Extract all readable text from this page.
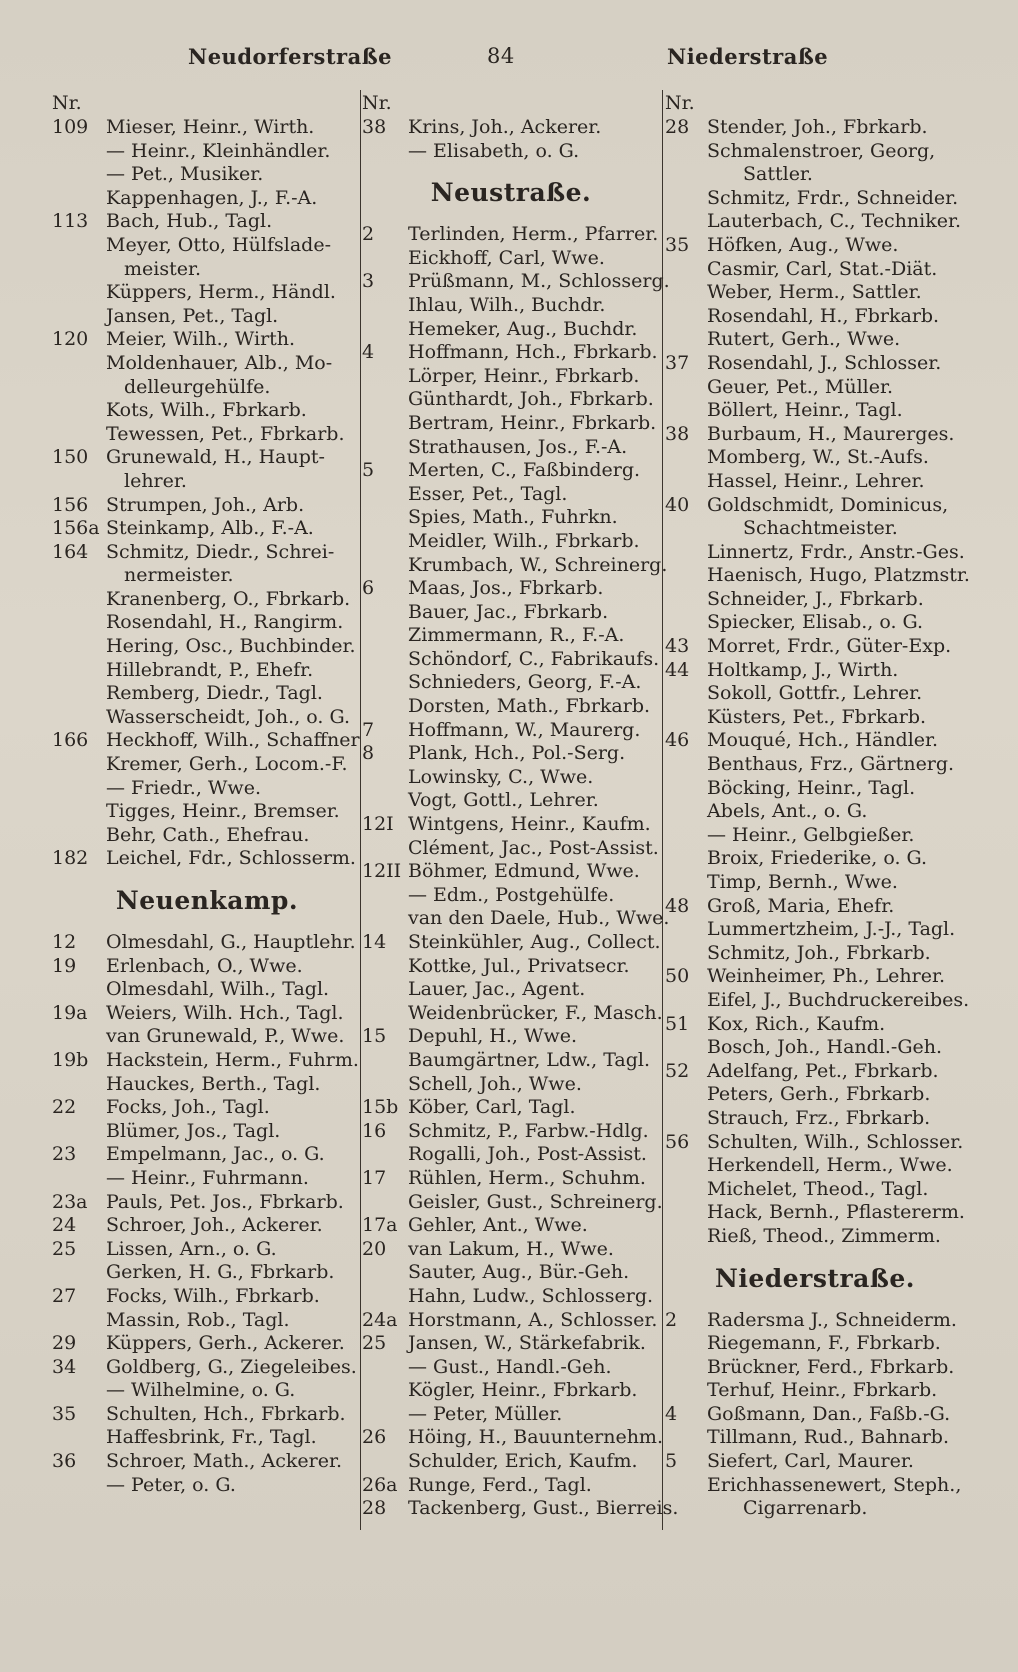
Neudorferstraße	84	Niederstraße
Nr.
109 Mieser, Heinr., Wirth.
— Heinr., Kleinhändler.
— Pet., Musiker.
Kappenhagen, J., F.-A.
113 Bach, Hub., Tagl.
Meyer, Otto, Hülfslade-
meister.
Küppers, Herm., Händl.
Jansen, Pet., Tagl.
120 Meier, Wilh., Wirth.
Moldenhauer, Alb., Mo-
delleurgehülfe.
Kots, Wilh., Fbrkarb.
Tewessen, Pet., Fbrkarb.
150 Grunewald, H., Haupt-
lehrer.
156 Strumpen, Joh., Arb.
156a Steinkamp, Alb., F.-A.
164 Schmitz, Diedr., Schrei-
nermeister.
Kranenberg, O., Fbrkarb.
Rosendahl, H., Rangirm.
Hering, Osc., Buchbinder.
Hillebrandt, P., Ehefr.
Remberg, Diedr., Tagl.
Wasserscheidt, Joh., o. G.
166 Heckhoff, Wilh., Schaffner
Kremer, Gerh., Locom.-F.
— Friedr., Wwe.
Tigges, Heinr., Bremser.
Behr, Cath., Ehefrau.
182 Leichel, Fdr., Schlosserm.
Neuenkamp.
12	Olmesdahl, G., Hauptlehr.
19	Erlenbach, O., Wwe.
Olmesdahl, Wilh., Tagl.
19a Weiers, Wilh. Hch., Tagl.
van Grunewald, P., Wwe.
19b Hackstein, Herm., Fuhrm.
Hauckes, Berth., Tagl.
22	Focks, Joh., Tagl.
Blümer, Jos., Tagl.
23	Empelmann, Jac., o. G.
— Heinr., Fuhrmann.
23a Pauls, Pet. Jos., Fbrkarb.
24	Schroer, Joh., Ackerer.
25	Lissen, Arn., o. G.
Gerken, H. G., Fbrkarb.
27	Focks, Wilh., Fbrkarb.
Massin, Rob., Tagl.
29	Küppers, Gerh., Ackerer.
34	Goldberg, G., Ziegeleibes.
— Wilhelmine, o. G.
35	Schulten, Hch., Fbrkarb.
Haffesbrink, Fr., Tagl.
36	Schroer, Math., Ackerer.
— Peter, o. G.
Nr.
38	Krins, Joh., Ackerer.
— Elisabeth, o. G.
Neustraße.
2	Terlinden, Herm., Pfarrer.
Eickhoff, Carl, Wwe.
3	Prüßmann, M., Schlosserg.
Ihlau, Wilh., Buchdr.
Hemeker, Aug., Buchdr.
4	Hoffmann, Hch., Fbrkarb.
Lörper, Heinr., Fbrkarb.
Günthardt, Joh., Fbrkarb.
Bertram, Heinr., Fbrkarb.
Strathausen, Jos., F.-A.
5	Merten, C., Faßbinderg.
Esser, Pet., Tagl.
Spies, Math., Fuhrkn.
Meidler, Wilh., Fbrkarb.
Krumbach, W., Schreinerg.
6	Maas, Jos., Fbrkarb.
Bauer, Jac., Fbrkarb.
Zimmermann, R., F.-A.
Schöndorf, C., Fabrikaufs.
Schnieders, Georg, F.-A.
Dorsten, Math., Fbrkarb.
7	Hoffmann, W., Maurerg.
8	Plank, Hch., Pol.-Serg.
Lowinsky, C., Wwe.
Vogt, Gottl., Lehrer.
12I Wintgens, Heinr., Kaufm.
Clément, Jac., Post-Assist.
12II Böhmer, Edmund, Wwe.
— Edm., Postgehülfe.
van den Daele, Hub., Wwe.
14	Steinkühler, Aug., Collect.
Kottke, Jul., Privatsecr.
Lauer, Jac., Agent.
Weidenbrücker, F., Masch.
15	Depuhl, H., Wwe.
Baumgärtner, Ldw., Tagl.
Schell, Joh., Wwe.
15b Köber, Carl, Tagl.
16	Schmitz, P., Farbw.-Hdlg.
Rogalli, Joh., Post-Assist.
17	Rühlen, Herm., Schuhm.
Geisler, Gust., Schreinerg.
17a Gehler, Ant., Wwe.
20	van Lakum, H., Wwe.
Sauter, Aug., Bür.-Geh.
Hahn, Ludw., Schlosserg.
24a Horstmann, A., Schlosser.
25	Jansen, W., Stärkefabrik.
— Gust., Handl.-Geh.
Kögler, Heinr., Fbrkarb.
— Peter, Müller.
26	Höing, H., Bauunternehm.
Schulder, Erich, Kaufm.
26a Runge, Ferd., Tagl.
28	Tackenberg, Gust., Bierreis.
Nr.
28 Stender, Joh., Fbrkarb.
Schmalenstroer, Georg,
Sattler.
Schmitz, Frdr., Schneider.
Lauterbach, C., Techniker.
35 Höfken, Aug., Wwe.
Casmir, Carl, Stat.-Diät.
Weber, Herm., Sattler.
Rosendahl, H., Fbrkarb.
Rutert, Gerh., Wwe.
37 Rosendahl, J., Schlosser.
Geuer, Pet., Müller.
Böllert, Heinr., Tagl.
38 Burbaum, H., Maurerges.
Momberg, W., St.-Aufs.
Hassel, Heinr., Lehrer.
40 Goldschmidt, Dominicus,
Schachtmeister.
Linnertz, Frdr., Anstr.-Ges.
Haenisch, Hugo, Platzmstr.
Schneider, J., Fbrkarb.
Spiecker, Elisab., o. G.
43 Morret, Frdr., Güter-Exp.
44 Holtkamp, J., Wirth.
Sokoll, Gottfr., Lehrer.
Küsters, Pet., Fbrkarb.
46 Mouqué, Hch., Händler.
Benthaus, Frz., Gärtnerg.
Böcking, Heinr., Tagl.
Abels, Ant., o. G.
— Heinr., Gelbgießer.
Broix, Friederike, o. G.
Timp, Bernh., Wwe.
48 Groß, Maria, Ehefr.
Lummertzheim, J.-J., Tagl.
Schmitz, Joh., Fbrkarb.
50 Weinheimer, Ph., Lehrer.
Eifel, J., Buchdruckereibes.
51 Kox, Rich., Kaufm.
Bosch, Joh., Handl.-Geh.
52 Adelfang, Pet., Fbrkarb.
Peters, Gerh., Fbrkarb.
Strauch, Frz., Fbrkarb.
56 Schulten, Wilh., Schlosser.
Herkendell, Herm., Wwe.
Michelet, Theod., Tagl.
Hack, Bernh., Pflastererm.
Rieß, Theod., Zimmerm.
Niederstraße.
2	Radersma J., Schneiderm.
Riegemann, F., Fbrkarb.
Brückner, Ferd., Fbrkarb.
Terhuf, Heinr., Fbrkarb.
4	Goßmann, Dan., Faßb.-G.
Tillmann, Rud., Bahnarb.
5	Siefert, Carl, Maurer.
Erichhassenewert, Steph.,
Cigarrenarb.
